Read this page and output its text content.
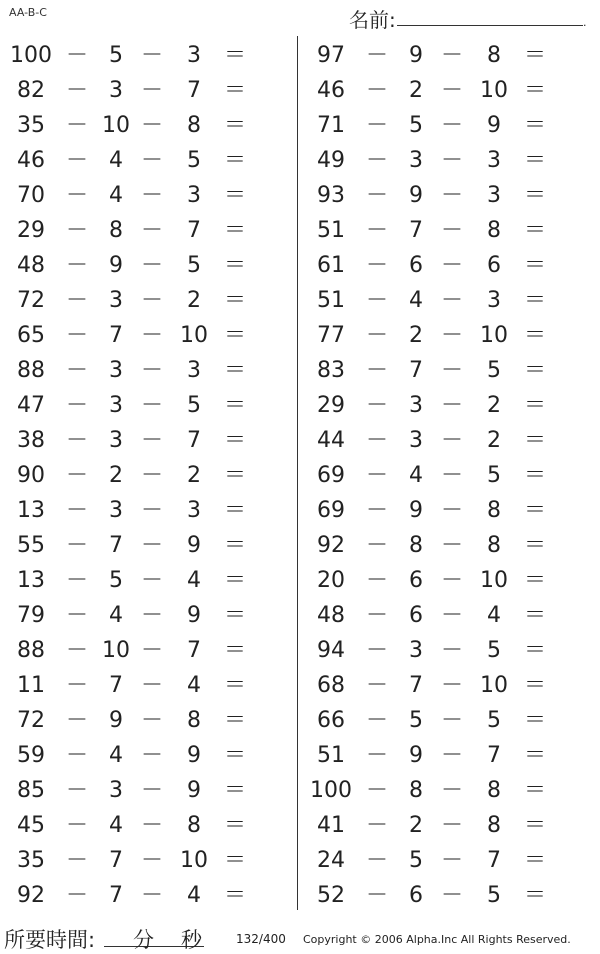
AA-B-C	名前:	.
100 － 5 －	3	＝
82 － 3 －	7	＝
35 － 10 －	8	＝
46 － 4 －	5	＝
70 － 4 －	3	＝
29 － 8 －	7	＝
48 － 9 －	5	＝
72 － 3 －	2	＝
65 － 7 － 10 ＝
88 － 3 －	3	＝
47 － 3 －	5	＝
38 － 3 －	7	＝
90 － 2 －	2	＝
13 － 3 －	3	＝
55 － 7 －	9	＝
13 － 5 －	4	＝
79 － 4 －	9	＝
88 － 10 －	7	＝
11 － 7 －	4	＝
72 － 9 －	8	＝
59 － 4 －	9	＝
85 － 3 －	9	＝
45 － 4 －	8	＝
35 － 7 － 10 ＝
92 － 7 －	4	＝
97 － 9 －	8	＝
46 － 2 － 10 ＝
71 － 5 －	9	＝
49 － 3 －	3	＝
93 － 9 －	3	＝
51 － 7 －	8	＝
61 － 6 －	6	＝
51 － 4 －	3	＝
77 － 2 － 10 ＝
83 － 7 －	5	＝
29 － 3 －	2	＝
44 － 3 －	2	＝
69 － 4 －	5	＝
69 － 9 －	8	＝
92 － 8 －	8	＝
20 － 6 － 10 ＝
48 － 6 －	4	＝
94 － 3 －	5	＝
68 － 7 － 10 ＝
66 － 5 －	5	＝
51 － 9 －	7	＝
100 － 8 －	8	＝
41 － 2 －	8	＝
24 － 5 －	7	＝
52 － 6 －	5	＝
所要時間: 分 秒	132/400 Copyright © 2006 Alpha.Inc All Rights Reserved.
